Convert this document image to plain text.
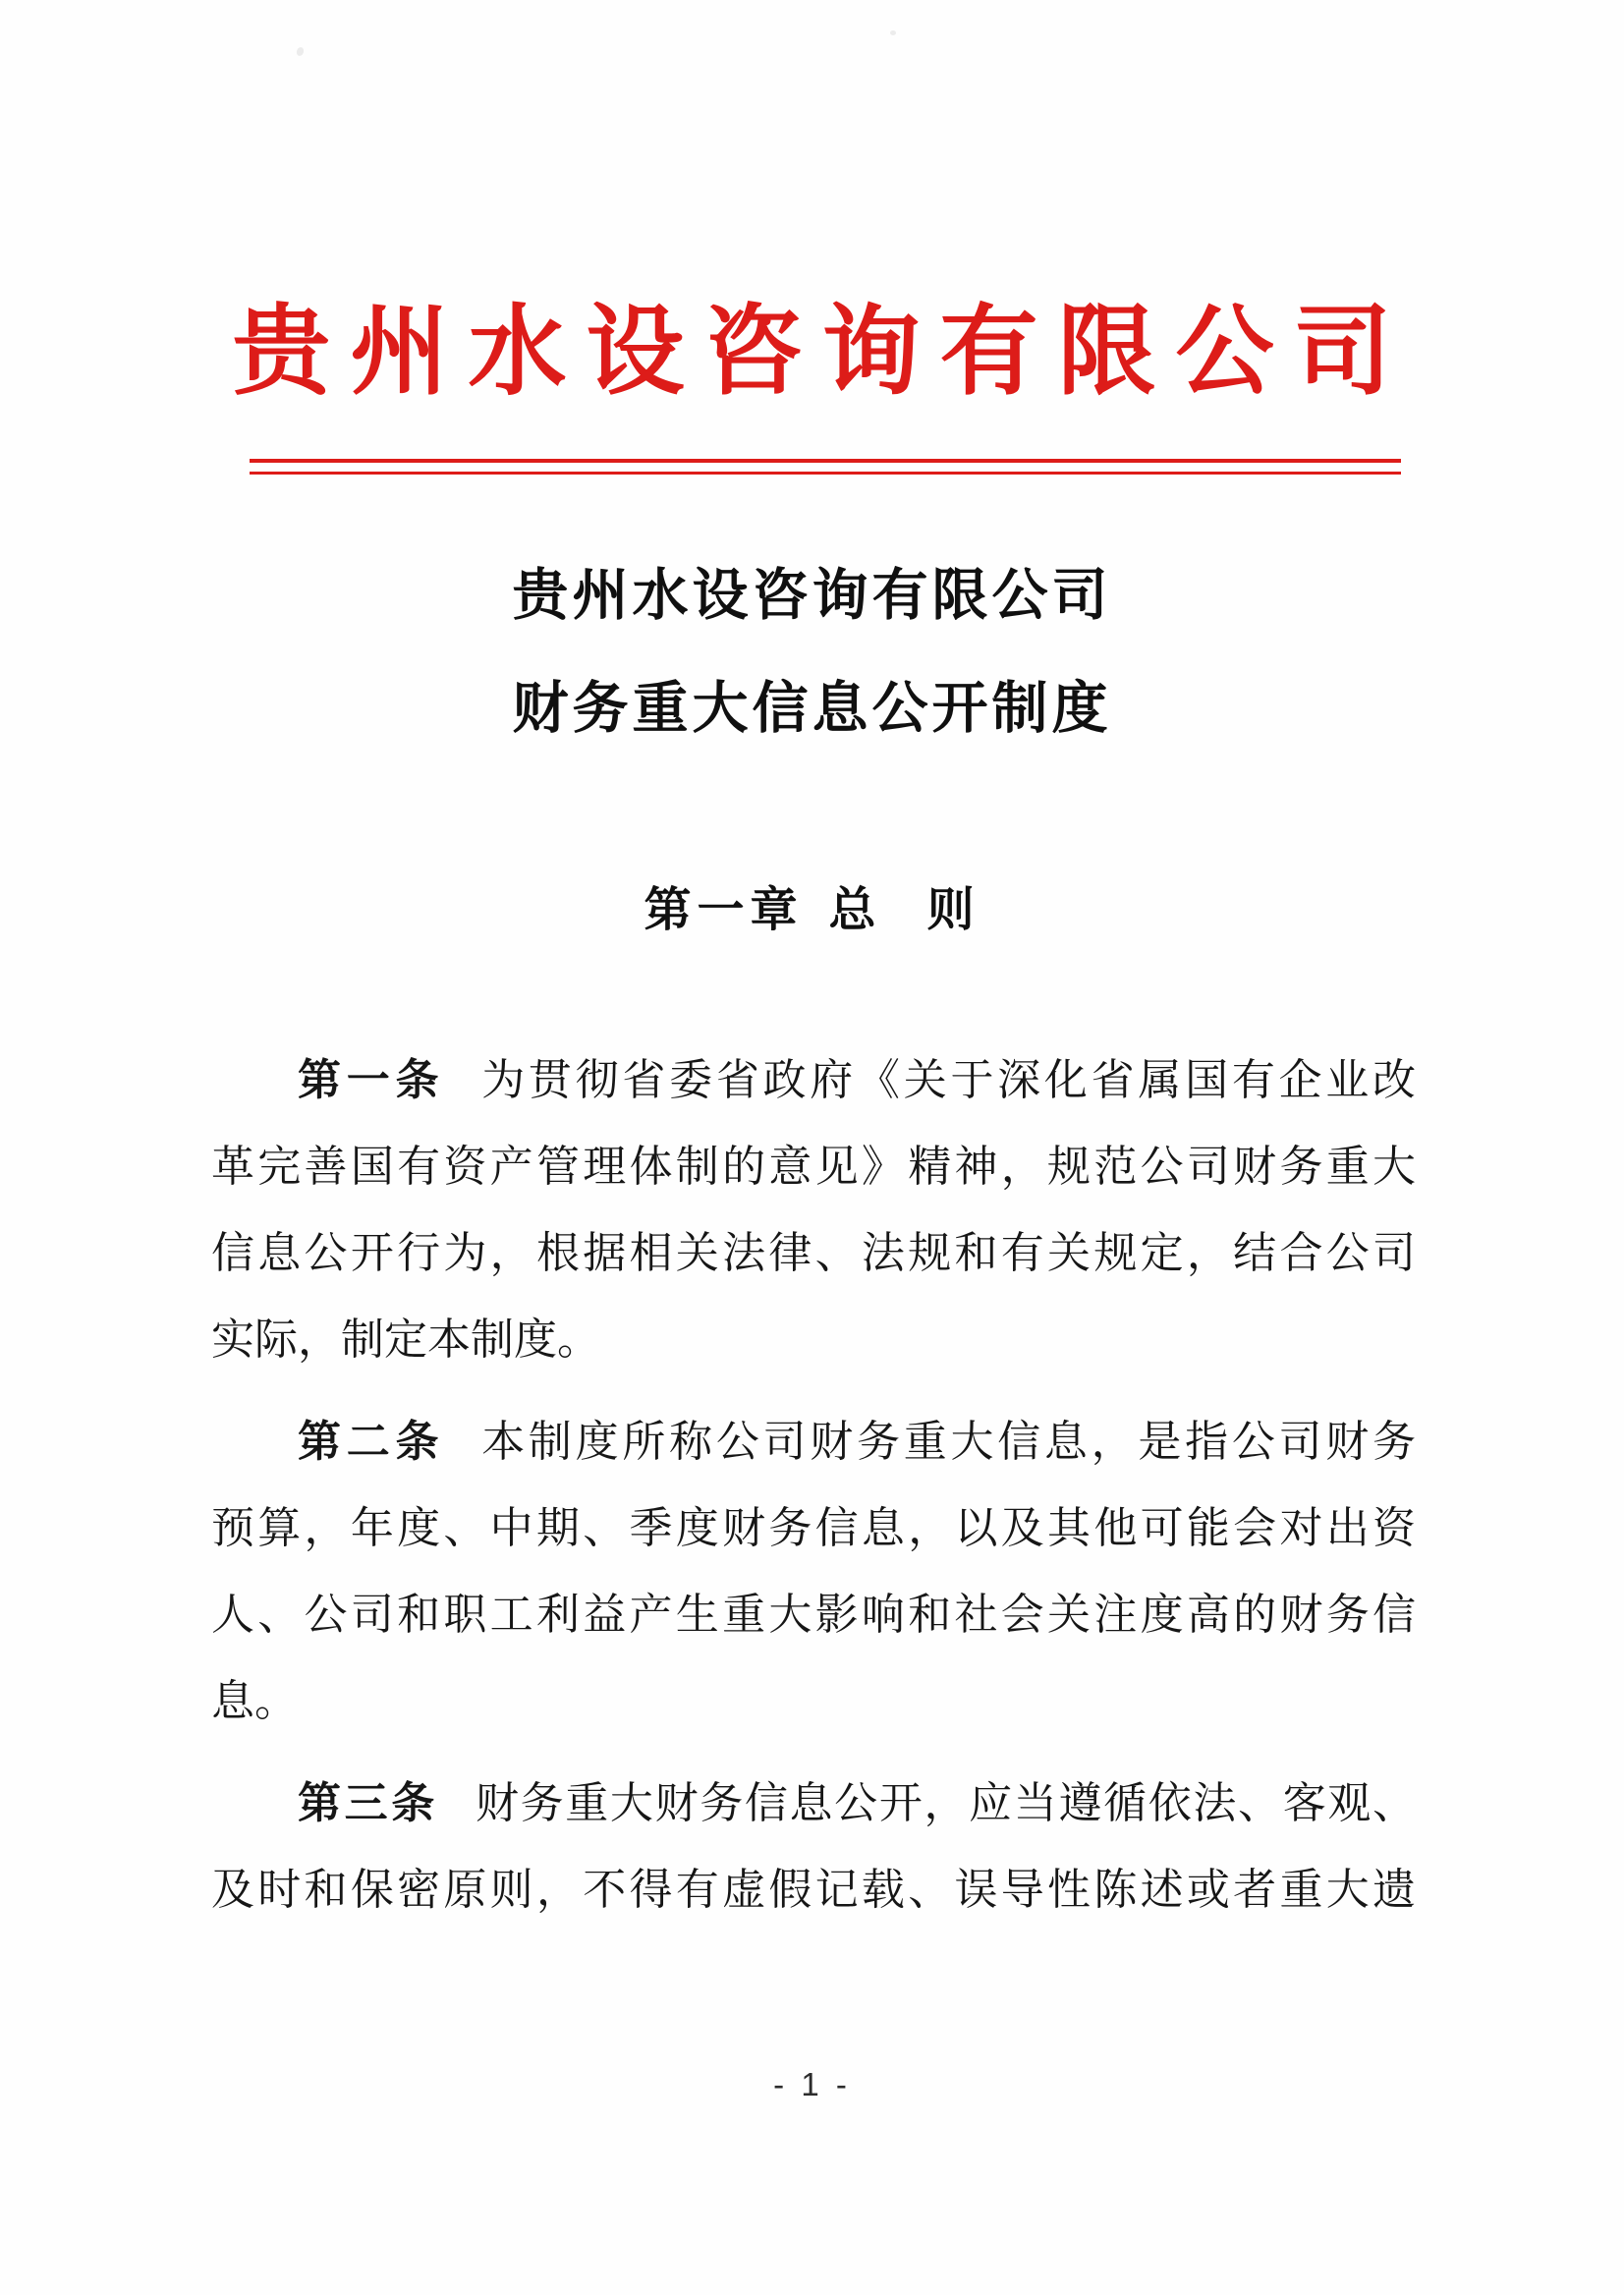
贵州水设咨询有限公司
贵州水设咨询有限公司
财务重大信息公开制度
第一章 总 则
第一条 为贯彻省委省政府《关于深化省属国有企业改
革完善国有资产管理体制的意见》精神，规范公司财务重大
信息公开行为，根据相关法律、法规和有关规定，结合公司
实际，制定本制度。
第二条 本制度所称公司财务重大信息，是指公司财务
预算，年度、中期、季度财务信息，以及其他可能会对出资
人、公司和职工利益产生重大影响和社会关注度高的财务信
息。
第三条 财务重大财务信息公开，应当遵循依法、客观、
及时和保密原则，不得有虚假记载、误导性陈述或者重大遗
- 1 -
